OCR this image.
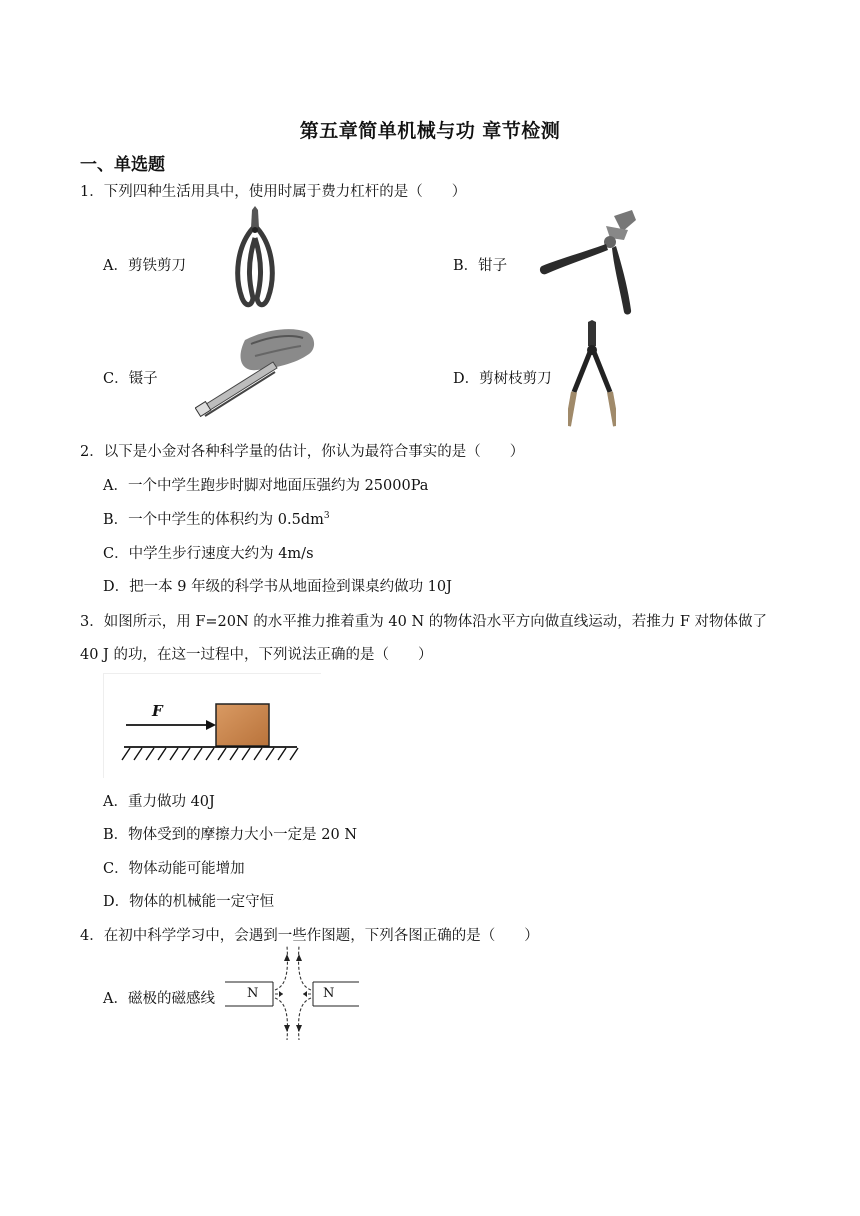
第五章简单机械与功 章节检测
一、单选题
1．下列四种生活用具中，使用时属于费力杠杆的是（　　）
A．剪铁剪刀	B．钳子
C．镊子	D．剪树枝剪刀
2．以下是小金对各种科学量的估计，你认为最符合事实的是（　　）
A．一个中学生跑步时脚对地面压强约为 25000Pa
B．一个中学生的体积约为 $0.5dm^3$
C．中学生步行速度大约为 4m/s
D．把一本 9 年级的科学书从地面捡到课桌约做功 10J
3．如图所示，用 F=20N 的水平推力推着重为 40 N 的物体沿水平方向做直线运动，若推力 F 对物体做了
40 J 的功，在这一过程中，下列说法正确的是（　　）
F
A．重力做功 40J
B．物体受到的摩擦力大小一定是 20 N
C．物体动能可能增加
D．物体的机械能一定守恒
4．在初中科学学习中，会遇到一些作图题，下列各图正确的是（　　）
A．磁极的磁感线 N	N
